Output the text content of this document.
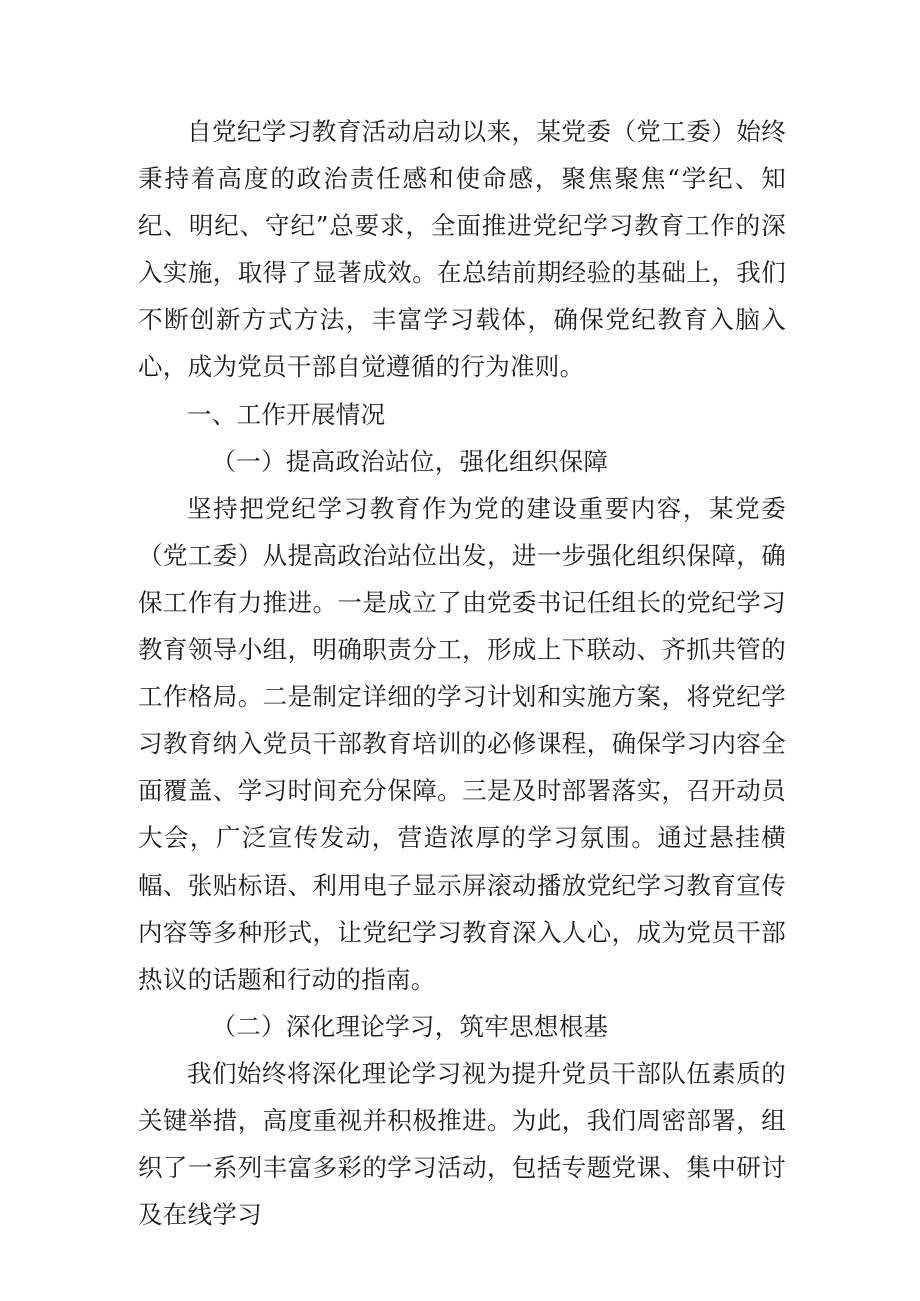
自党纪学习教育活动启动以来，某党委（党工委）始终秉持着高度的政治责任感和使命感，聚焦聚焦“学纪、知纪、明纪、守纪”总要求，全面推进党纪学习教育工作的深入实施，取得了显著成效。在总结前期经验的基础上，我们不断创新方式方法，丰富学习载体，确保党纪教育入脑入心，成为党员干部自觉遵循的行为准则。

一、工作开展情况

（一）提高政治站位，强化组织保障

坚持把党纪学习教育作为党的建设重要内容，某党委（党工委）从提高政治站位出发，进一步强化组织保障，确保工作有力推进。一是成立了由党委书记任组长的党纪学习教育领导小组，明确职责分工，形成上下联动、齐抓共管的工作格局。二是制定详细的学习计划和实施方案，将党纪学习教育纳入党员干部教育培训的必修课程，确保学习内容全面覆盖、学习时间充分保障。三是及时部署落实，召开动员大会，广泛宣传发动，营造浓厚的学习氛围。通过悬挂横幅、张贴标语、利用电子显示屏滚动播放党纪学习教育宣传内容等多种形式，让党纪学习教育深入人心，成为党员干部热议的话题和行动的指南。

（二）深化理论学习，筑牢思想根基

我们始终将深化理论学习视为提升党员干部队伍素质的关键举措，高度重视并积极推进。为此，我们周密部署，组织了一系列丰富多彩的学习活动，包括专题党课、集中研讨及在线学习
